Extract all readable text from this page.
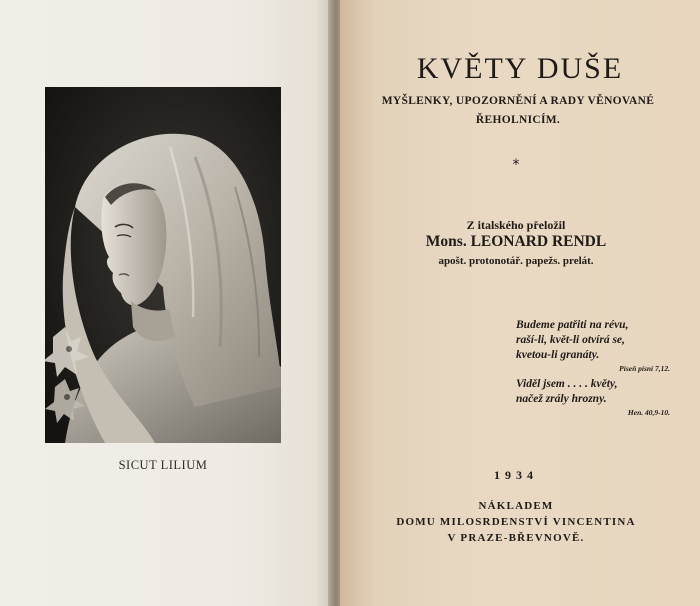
SICUT LILIUM
KVĚTY DUŠE
MYŠLENKY, UPOZORNĚNÍ A RADY VĚNOVANÉ
ŘEHOLNICÍM.
*
Z italského přeložil
Mons. LEONARD RENDL
apošt. protonotář. papežs. prelát.
Budeme patřiti na révu,
raší-li, květ-li otvírá se,
kvetou-li granáty.
Píseň písní 7,12.
Viděl jsem . . . . květy,
načež zrály hrozny.
Hen. 40,9-10.
1934
NÁKLADEM
DOMU MILOSRDENSTVÍ VINCENTINA
V PRAZE-BŘEVNOVĚ.
